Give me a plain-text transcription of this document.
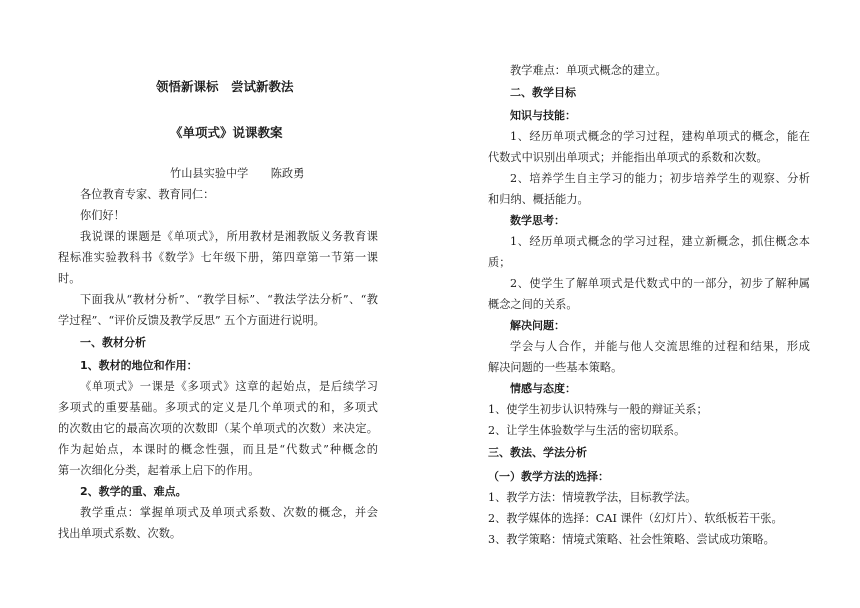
领悟新课标　尝试新教法
《单项式》说课教案
竹山县实验中学　　陈政勇
各位教育专家、教育同仁：
你们好！
我说课的课题是《单项式》，所用教材是湘教版义务教育课
程标准实验教科书《数学》七年级下册，第四章第一节第一课
时。
下面我从“教材分析”、“教学目标”、“教法学法分析”、“教
学过程”、“评价反馈及教学反思” 五个方面进行说明。
一、教材分析
1、教材的地位和作用：
《单项式》一课是《多项式》这章的起始点，是后续学习
多项式的重要基础。多项式的定义是几个单项式的和，多项式
的次数由它的最高次项的次数即（某个单项式的次数）来决定。
作为起始点，本课时的概念性强，而且是“代数式”种概念的
第一次细化分类，起着承上启下的作用。
2、教学的重、难点。
教学重点：掌握单项式及单项式系数、次数的概念，并会
找出单项式系数、次数。
教学难点：单项式概念的建立。
二、教学目标
知识与技能：
1、经历单项式概念的学习过程，建构单项式的概念，能在
代数式中识别出单项式；并能指出单项式的系数和次数。
2、培养学生自主学习的能力；初步培养学生的观察、分析
和归纳、概括能力。
数学思考：
1、经历单项式概念的学习过程，建立新概念，抓住概念本
质；
2、使学生了解单项式是代数式中的一部分，初步了解种属
概念之间的关系。
解决问题：
学会与人合作，并能与他人交流思维的过程和结果，形成
解决问题的一些基本策略。
情感与态度：
1、使学生初步认识特殊与一般的辩证关系；
2、让学生体验数学与生活的密切联系。
三、教法、学法分析
（一）教学方法的选择：
1、教学方法：情境教学法，目标教学法。
2、教学媒体的选择：CAI 课件（幻灯片）、软纸板若干张。
3、教学策略：情境式策略、社会性策略、尝试成功策略。
